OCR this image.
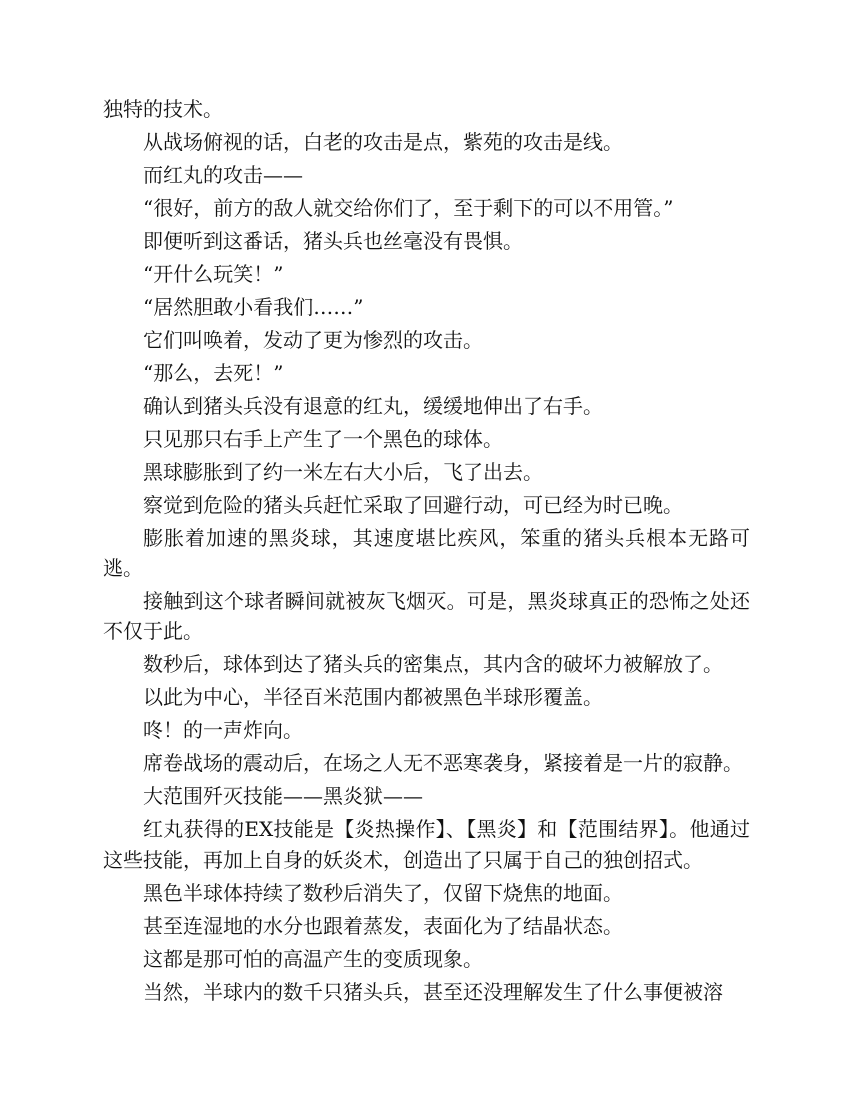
独特的技术。

从战场俯视的话，白老的攻击是点，紫苑的攻击是线。

而红丸的攻击——

“很好，前方的敌人就交给你们了，至于剩下的可以不用管。”

即便听到这番话，猪头兵也丝毫没有畏惧。

“开什么玩笑！”

“居然胆敢小看我们……”

它们叫唤着，发动了更为惨烈的攻击。

“那么，去死！”

确认到猪头兵没有退意的红丸，缓缓地伸出了右手。

只见那只右手上产生了一个黑色的球体。

黑球膨胀到了约一米左右大小后，飞了出去。

察觉到危险的猪头兵赶忙采取了回避行动，可已经为时已晚。

膨胀着加速的黑炎球，其速度堪比疾风，笨重的猪头兵根本无路可逃。

接触到这个球者瞬间就被灰飞烟灭。可是，黑炎球真正的恐怖之处还不仅于此。

数秒后，球体到达了猪头兵的密集点，其内含的破坏力被解放了。

以此为中心，半径百米范围内都被黑色半球形覆盖。

咚！的一声炸向。

席卷战场的震动后，在场之人无不恶寒袭身，紧接着是一片的寂静。

大范围歼灭技能——黑炎狱——

红丸获得的EX技能是【炎热操作】、【黑炎】和【范围结界】。他通过这些技能，再加上自身的妖炎术，创造出了只属于自己的独创招式。

黑色半球体持续了数秒后消失了，仅留下烧焦的地面。

甚至连湿地的水分也跟着蒸发，表面化为了结晶状态。

这都是那可怕的高温产生的变质现象。

当然，半球内的数千只猪头兵，甚至还没理解发生了什么事便被溶
